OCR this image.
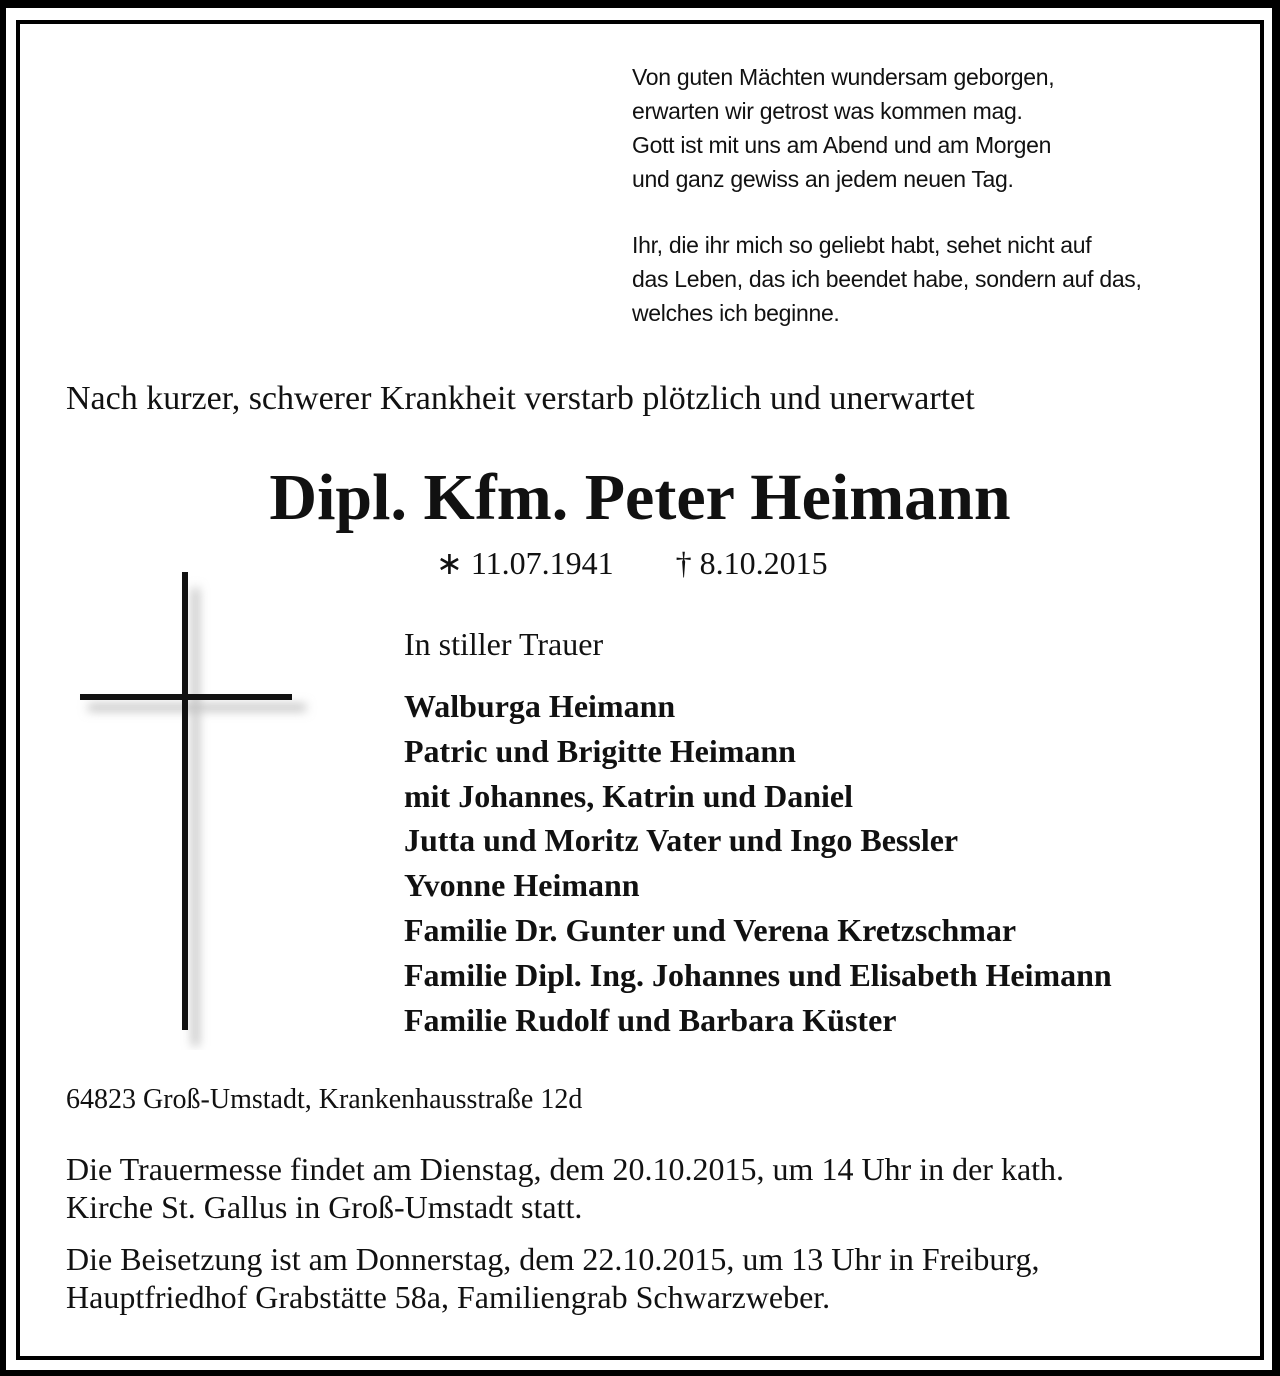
Von guten Mächten wundersam geborgen,
erwarten wir getrost was kommen mag.
Gott ist mit uns am Abend und am Morgen
und ganz gewiss an jedem neuen Tag.

Ihr, die ihr mich so geliebt habt, sehet nicht auf
das Leben, das ich beendet habe, sondern auf das,
welches ich beginne.

Nach kurzer, schwerer Krankheit verstarb plötzlich und unerwartet
Dipl. Kfm. Peter Heimann
∗ 11.07.1941 † 8.10.2015
In stiller Trauer
Walburga Heimann
Patric und Brigitte Heimann
mit Johannes, Katrin und Daniel
Jutta und Moritz Vater und Ingo Bessler
Yvonne Heimann
Familie Dr. Gunter und Verena Kretzschmar
Familie Dipl. Ing. Johannes und Elisabeth Heimann
Familie Rudolf und Barbara Küster
64823 Groß-Umstadt, Krankenhausstraße 12d

Die Trauermesse findet am Dienstag, dem 20.10.2015, um 14 Uhr in der kath.
Kirche St. Gallus in Groß-Umstadt statt.

Die Beisetzung ist am Donnerstag, dem 22.10.2015, um 13 Uhr in Freiburg,
Hauptfriedhof Grabstätte 58a, Familiengrab Schwarzweber.
